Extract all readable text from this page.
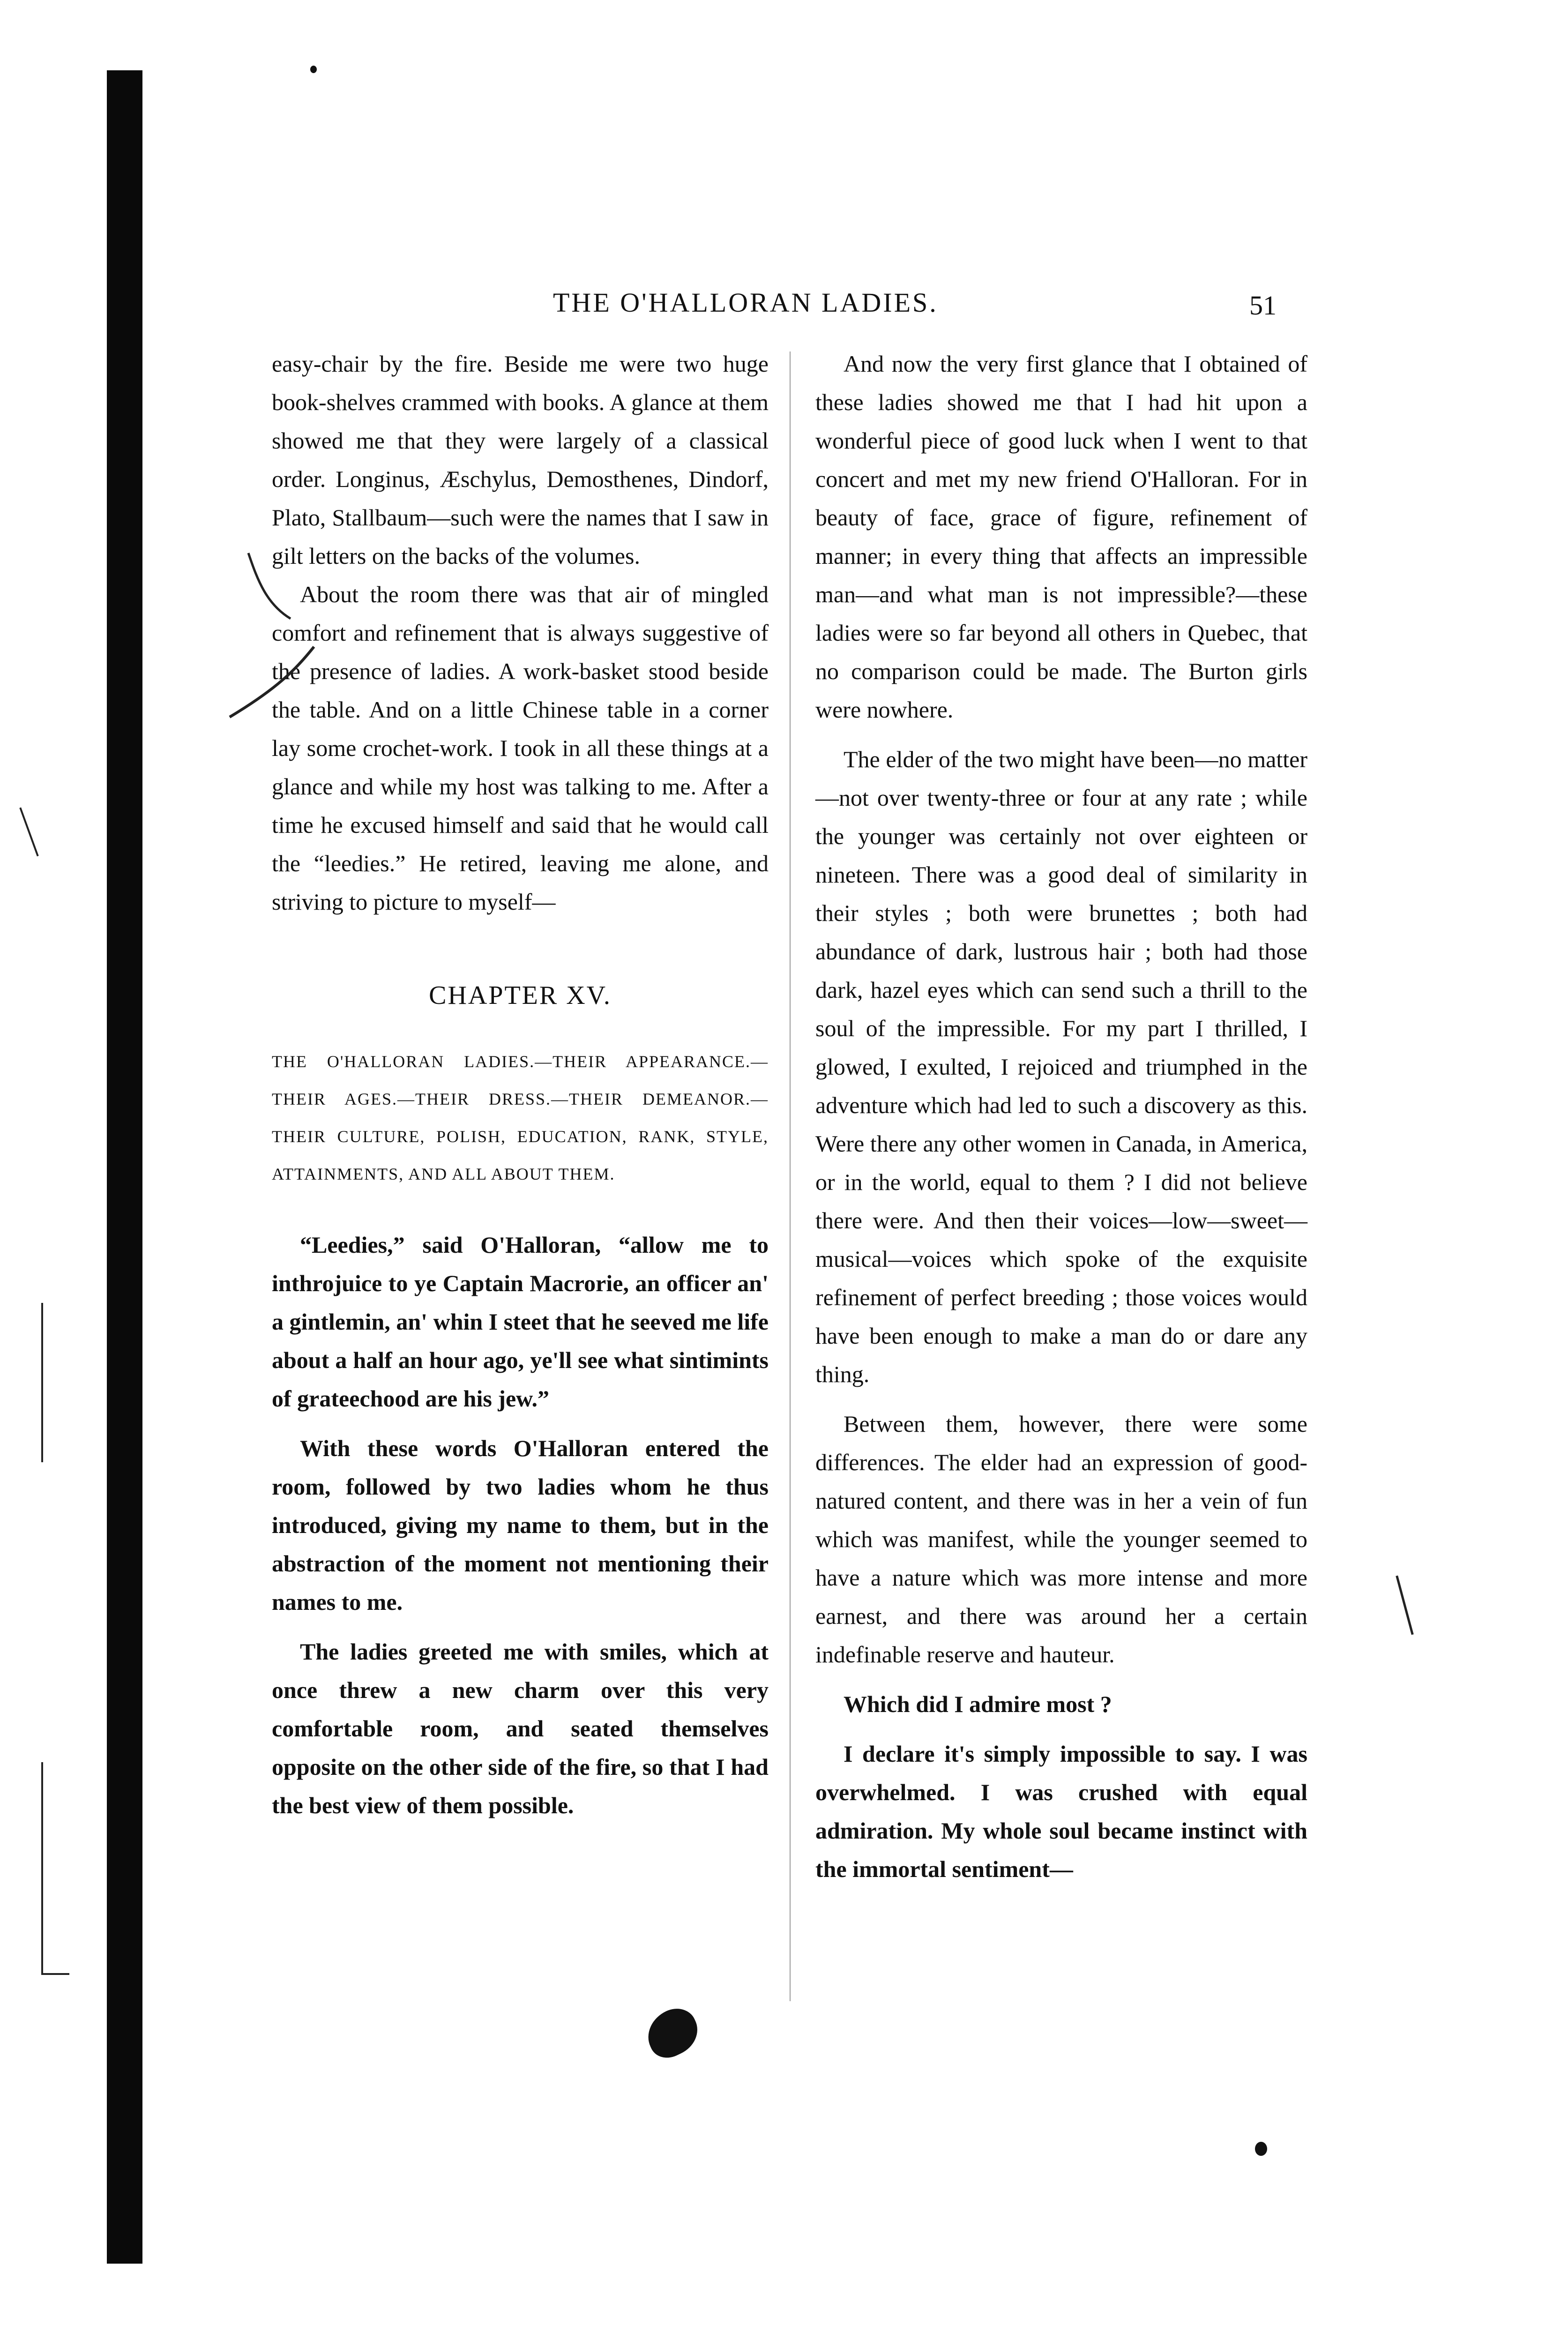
THE O'HALLORAN LADIES.	51

easy-chair by the fire. Beside me were two huge book-shelves crammed with books. A glance at them showed me that they were largely of a classical order. Longinus, Æschylus, Demosthenes, Dindorf, Plato, Stallbaum—such were the names that I saw in gilt letters on the backs of the volumes.

About the room there was that air of mingled comfort and refinement that is always suggestive of the presence of ladies. A work-basket stood beside the table. And on a little Chinese table in a corner lay some crochet-work. I took in all these things at a glance and while my host was talking to me. After a time he excused himself and said that he would call the “leedies.” He retired, leaving me alone, and striving to picture to myself—

CHAPTER XV.
THE O'HALLORAN LADIES.—THEIR APPEARANCE.—THEIR AGES.—THEIR DRESS.—THEIR DEMEANOR.—THEIR CULTURE, POLISH, EDUCATION, RANK, STYLE, ATTAINMENTS, AND ALL ABOUT THEM.

“Leedies,” said O'Halloran, “allow me to inthrojuice to ye Captain Macrorie, an officer an' a gintlemin, an' whin I steet that he seeved me life about a half an hour ago, ye'll see what sintimints of grateechood are his jew.”

With these words O'Halloran entered the room, followed by two ladies whom he thus introduced, giving my name to them, but in the abstraction of the moment not mentioning their names to me.

The ladies greeted me with smiles, which at once threw a new charm over this very comfortable room, and seated themselves opposite on the other side of the fire, so that I had the best view of them possible.

And now the very first glance that I obtained of these ladies showed me that I had hit upon a wonderful piece of good luck when I went to that concert and met my new friend O'Halloran. For in beauty of face, grace of figure, refinement of manner; in every thing that affects an impressible man—and what man is not impressible?—these ladies were so far beyond all others in Quebec, that no comparison could be made. The Burton girls were nowhere.

The elder of the two might have been—no matter—not over twenty-three or four at any rate ; while the younger was certainly not over eighteen or nineteen. There was a good deal of similarity in their styles ; both were brunettes ; both had abundance of dark, lustrous hair ; both had those dark, hazel eyes which can send such a thrill to the soul of the impressible. For my part I thrilled, I glowed, I exulted, I rejoiced and triumphed in the adventure which had led to such a discovery as this. Were there any other women in Canada, in America, or in the world, equal to them ? I did not believe there were. And then their voices—low—sweet—musical—voices which spoke of the exquisite refinement of perfect breeding ; those voices would have been enough to make a man do or dare any thing.

Between them, however, there were some differences. The elder had an expression of good-natured content, and there was in her a vein of fun which was manifest, while the younger seemed to have a nature which was more intense and more earnest, and there was around her a certain indefinable reserve and hauteur.

Which did I admire most ?

I declare it's simply impossible to say. I was overwhelmed. I was crushed with equal admiration. My whole soul became instinct with the immortal sentiment—
